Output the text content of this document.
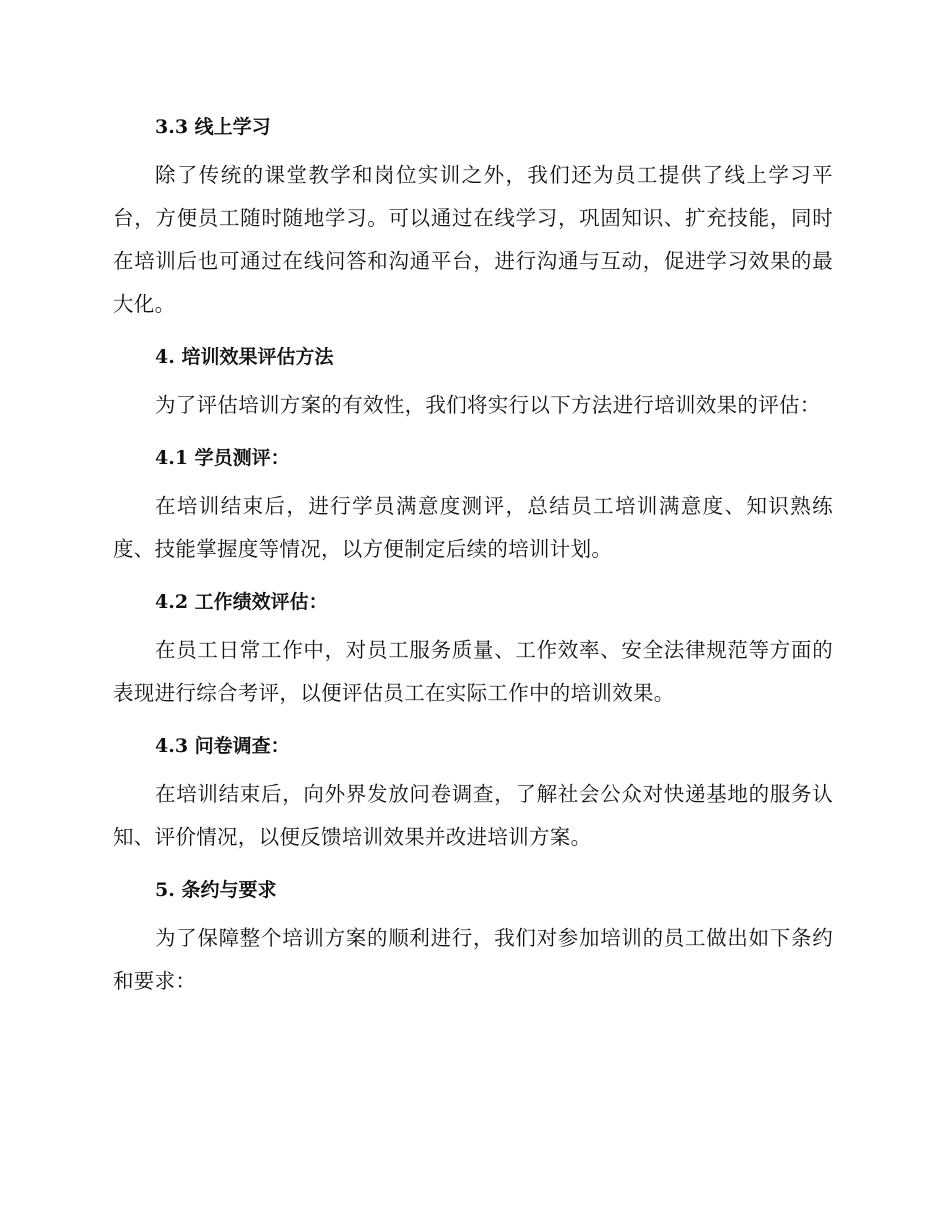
3.3 线上学习

除了传统的课堂教学和岗位实训之外，我们还为员工提供了线上学习平台，方便员工随时随地学习。可以通过在线学习，巩固知识、扩充技能，同时在培训后也可通过在线问答和沟通平台，进行沟通与互动，促进学习效果的最大化。

4. 培训效果评估方法

为了评估培训方案的有效性，我们将实行以下方法进行培训效果的评估：

4.1 学员测评：

在培训结束后，进行学员满意度测评，总结员工培训满意度、知识熟练度、技能掌握度等情况，以方便制定后续的培训计划。

4.2 工作绩效评估：

在员工日常工作中，对员工服务质量、工作效率、安全法律规范等方面的表现进行综合考评，以便评估员工在实际工作中的培训效果。

4.3 问卷调查：

在培训结束后，向外界发放问卷调查，了解社会公众对快递基地的服务认知、评价情况，以便反馈培训效果并改进培训方案。

5. 条约与要求

为了保障整个培训方案的顺利进行，我们对参加培训的员工做出如下条约和要求：
